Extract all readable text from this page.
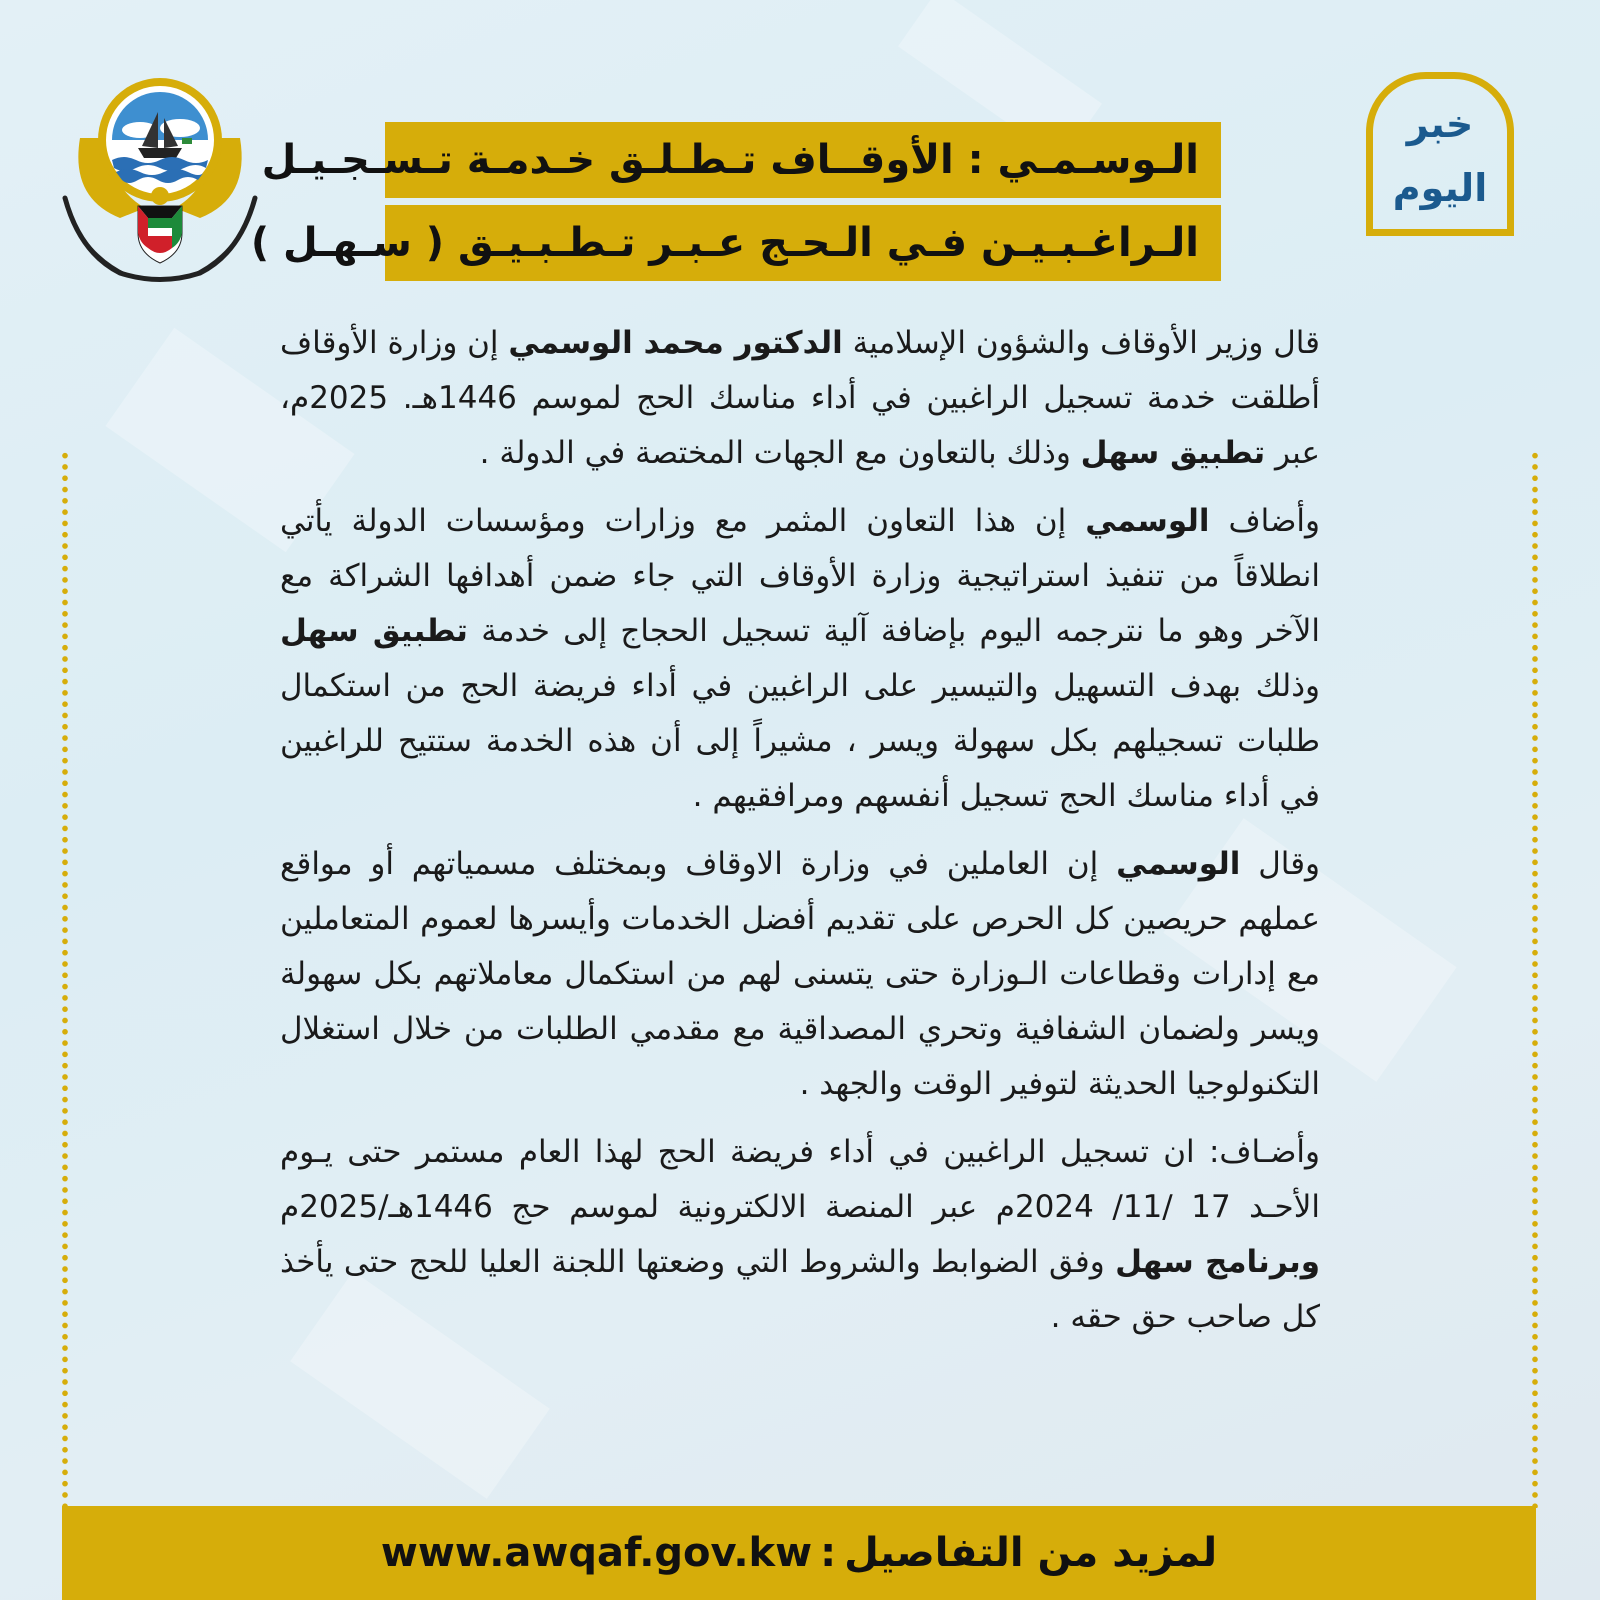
خبر
اليوم
الـوسـمـي : الأوقــاف تـطـلـق خـدمـة تـسـجـيـل
الـراغـبـيـن فـي الـحـج عـبـر تـطـبـيـق ( سـهـل )

قال وزير الأوقاف والشؤون الإسلامية الدكتور محمد الوسمي إن وزارة الأوقاف أطلقت خدمة تسجيل الراغبين في أداء مناسك الحج لموسم 1446هـ. 2025م، عبر تطبيق سهل وذلك بالتعاون مع الجهات المختصة في الدولة .

وأضاف الوسمي إن هذا التعاون المثمر مع وزارات ومؤسسات الدولة يأتي انطلاقاً من تنفيذ استراتيجية وزارة الأوقاف التي جاء ضمن أهدافها الشراكة مع الآخر وهو ما نترجمه اليوم بإضافة آلية تسجيل الحجاج إلى خدمة تطبيق سهل وذلك بهدف التسهيل والتيسير على الراغبين في أداء فريضة الحج من استكمال طلبات تسجيلهم بكل سهولة ويسر ، مشيراً إلى أن هذه الخدمة ستتيح للراغبين في أداء مناسك الحج تسجيل أنفسهم ومرافقيهم .

وقال الوسمي إن العاملين في وزارة الاوقاف وبمختلف مسمياتهم أو مواقع عملهم حريصين كل الحرص على تقديم أفضل الخدمات وأيسرها لعموم المتعاملين مع إدارات وقطاعات الـوزارة حتى يتسنى لهم من استكمال معاملاتهم بكل سهولة ويسر ولضمان الشفافية وتحري المصداقية مع مقدمي الطلبات من خلال استغلال التكنولوجيا الحديثة لتوفير الوقت والجهد .

وأضـاف: ان تسجيل الراغبين في أداء فريضة الحج لهذا العام مستمر حتى يـوم الأحـد 17 /11/ 2024م عبر المنصة الالكترونية لموسم حج 1446هـ/2025م وبرنامج سهل وفق الضوابط والشروط التي وضعتها اللجنة العليا للحج حتى يأخذ كل صاحب حق حقه .

لمزيد من التفاصيل
:
www.awqaf.gov.kw
